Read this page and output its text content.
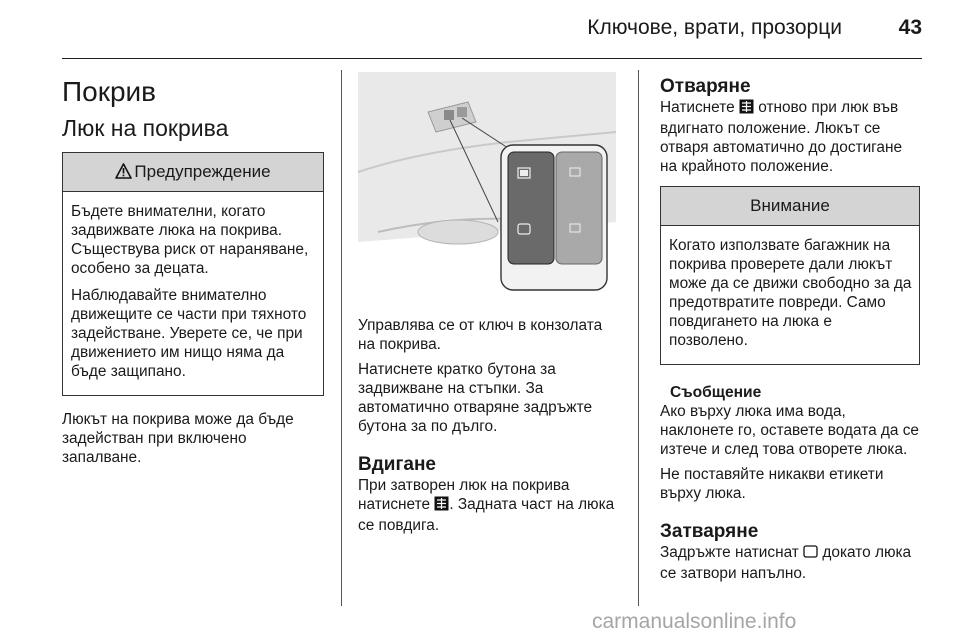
Ключове, врати, прозорци	43
Покрив
Люк на покрива
Предупреждение

Бъдете внимателни, когато задвижвате люка на покрива. Съществува риск от нараняване, особено за децата.

Наблюдавайте внимателно движещите се части при тяхното задействане. Уверете се, че при движението им нищо няма да бъде защипано.

Люкът на покрива може да бъде задействан при включено запалване.

Управлява се от ключ в конзолата на покрива.

Натиснете кратко бутона за задвижване на стъпки. За автоматично отваряне задръжте бутона за по дълго.

Вдигане

При затворен люк на покрива натиснете . Задната част на люка се повдига.

Отваряне

Натиснете  отново при люк във вдигнато положение. Люкът се отваря автоматично до достигане на крайното положение.

Внимание

Когато използвате багажник на покрива проверете дали люкът може да се движи свободно за да предотвратите повреди. Само повдигането на люка е позволено.

Съобщение

Ако върху люка има вода, наклонете го, оставете водата да се изтече и след това отворете люка.

Не поставяйте никакви етикети върху люка.

Затваряне

Задръжте натиснат  докато люка се затвори напълно.

carmanualsonline.info
